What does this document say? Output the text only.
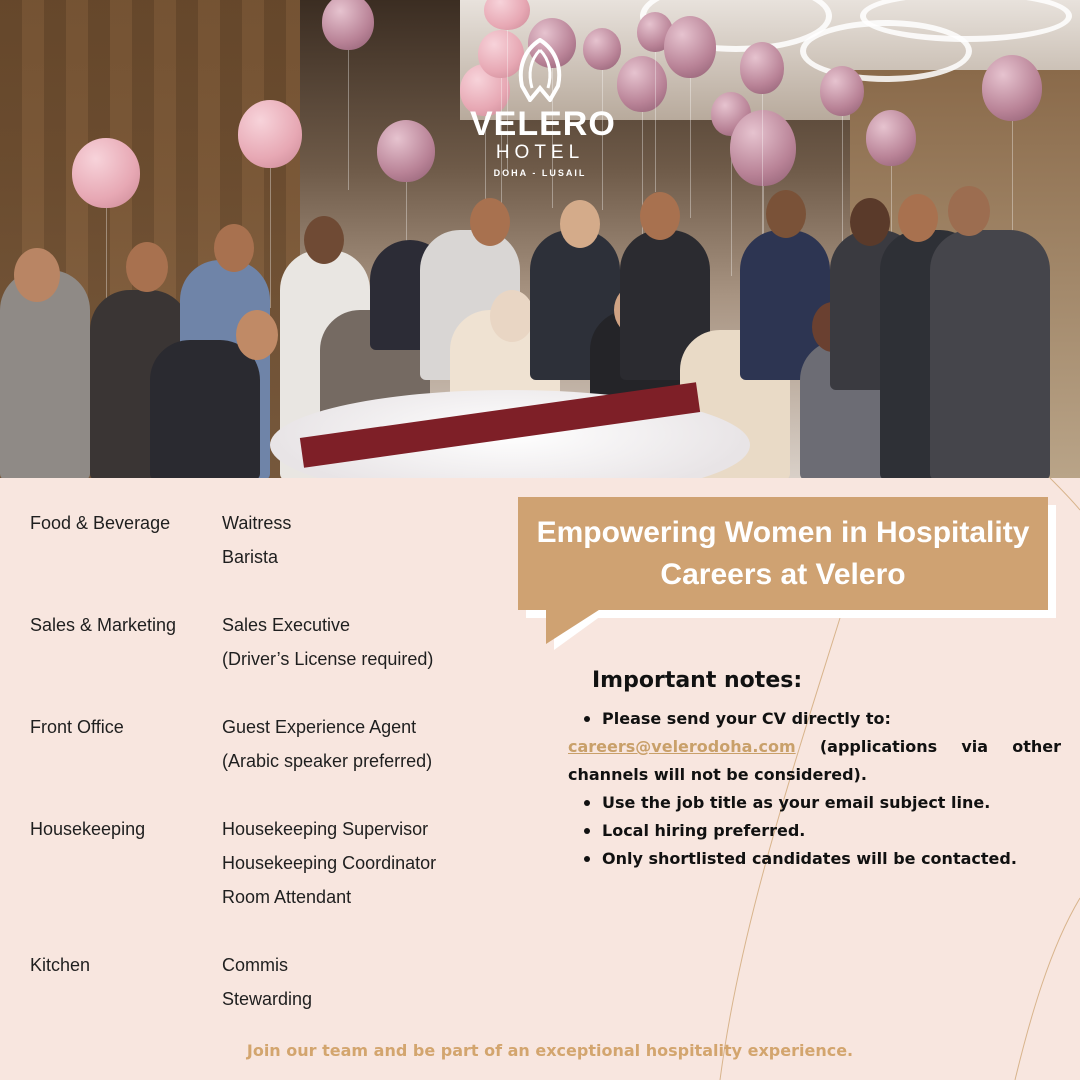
VELERO
HOTEL
DOHA - LUSAIL
Food & Beverage	Waitress
Barista
Sales & Marketing	Sales Executive
(Driver’s License required)
Front Office	Guest Experience Agent
(Arabic speaker preferred)
Housekeeping	Housekeeping Supervisor
Housekeeping Coordinator
Room Attendant
Kitchen	Commis
Stewarding
Empowering Women in Hospitality
Careers at Velero
Important notes:
Please send your CV directly to:
careers@velerodoha.com (applications via other
channels will not be considered).
Use the job title as your email subject line.
Local hiring preferred.
Only shortlisted candidates will be contacted.
Join our team and be part of an exceptional hospitality experience.
